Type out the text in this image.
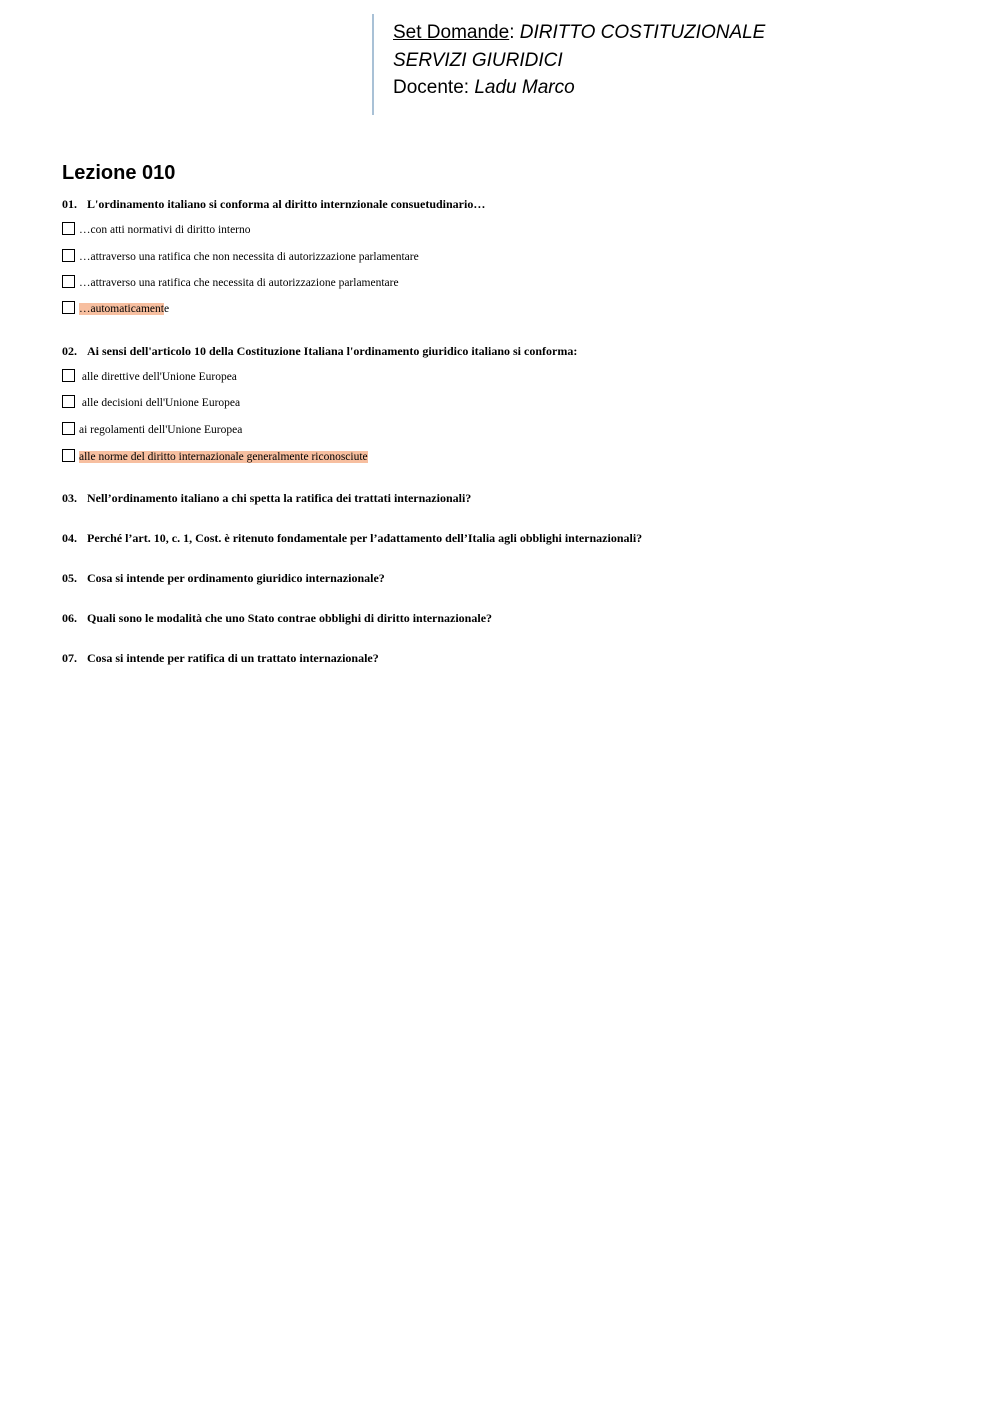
Set Domande: DIRITTO COSTITUZIONALE
SERVIZI GIURIDICI
Docente: Ladu Marco
Lezione 010
01. L'ordinamento italiano si conforma al diritto internzionale consuetudinario…
…con atti normativi di diritto interno
…attraverso una ratifica che non necessita di autorizzazione parlamentare
…attraverso una ratifica che necessita di autorizzazione parlamentare
…automaticamente
02. Ai sensi dell'articolo 10 della Costituzione Italiana l'ordinamento giuridico italiano si conforma:
alle direttive dell'Unione Europea
alle decisioni dell'Unione Europea
ai regolamenti dell'Unione Europea
alle norme del diritto internazionale generalmente riconosciute
03. Nell’ordinamento italiano a chi spetta la ratifica dei trattati internazionali?
04. Perché l’art. 10, c. 1, Cost. è ritenuto fondamentale per l’adattamento dell’Italia agli obblighi internazionali?
05. Cosa si intende per ordinamento giuridico internazionale?
06. Quali sono le modalità che uno Stato contrae obblighi di diritto internazionale?
07. Cosa si intende per ratifica di un trattato internazionale?
